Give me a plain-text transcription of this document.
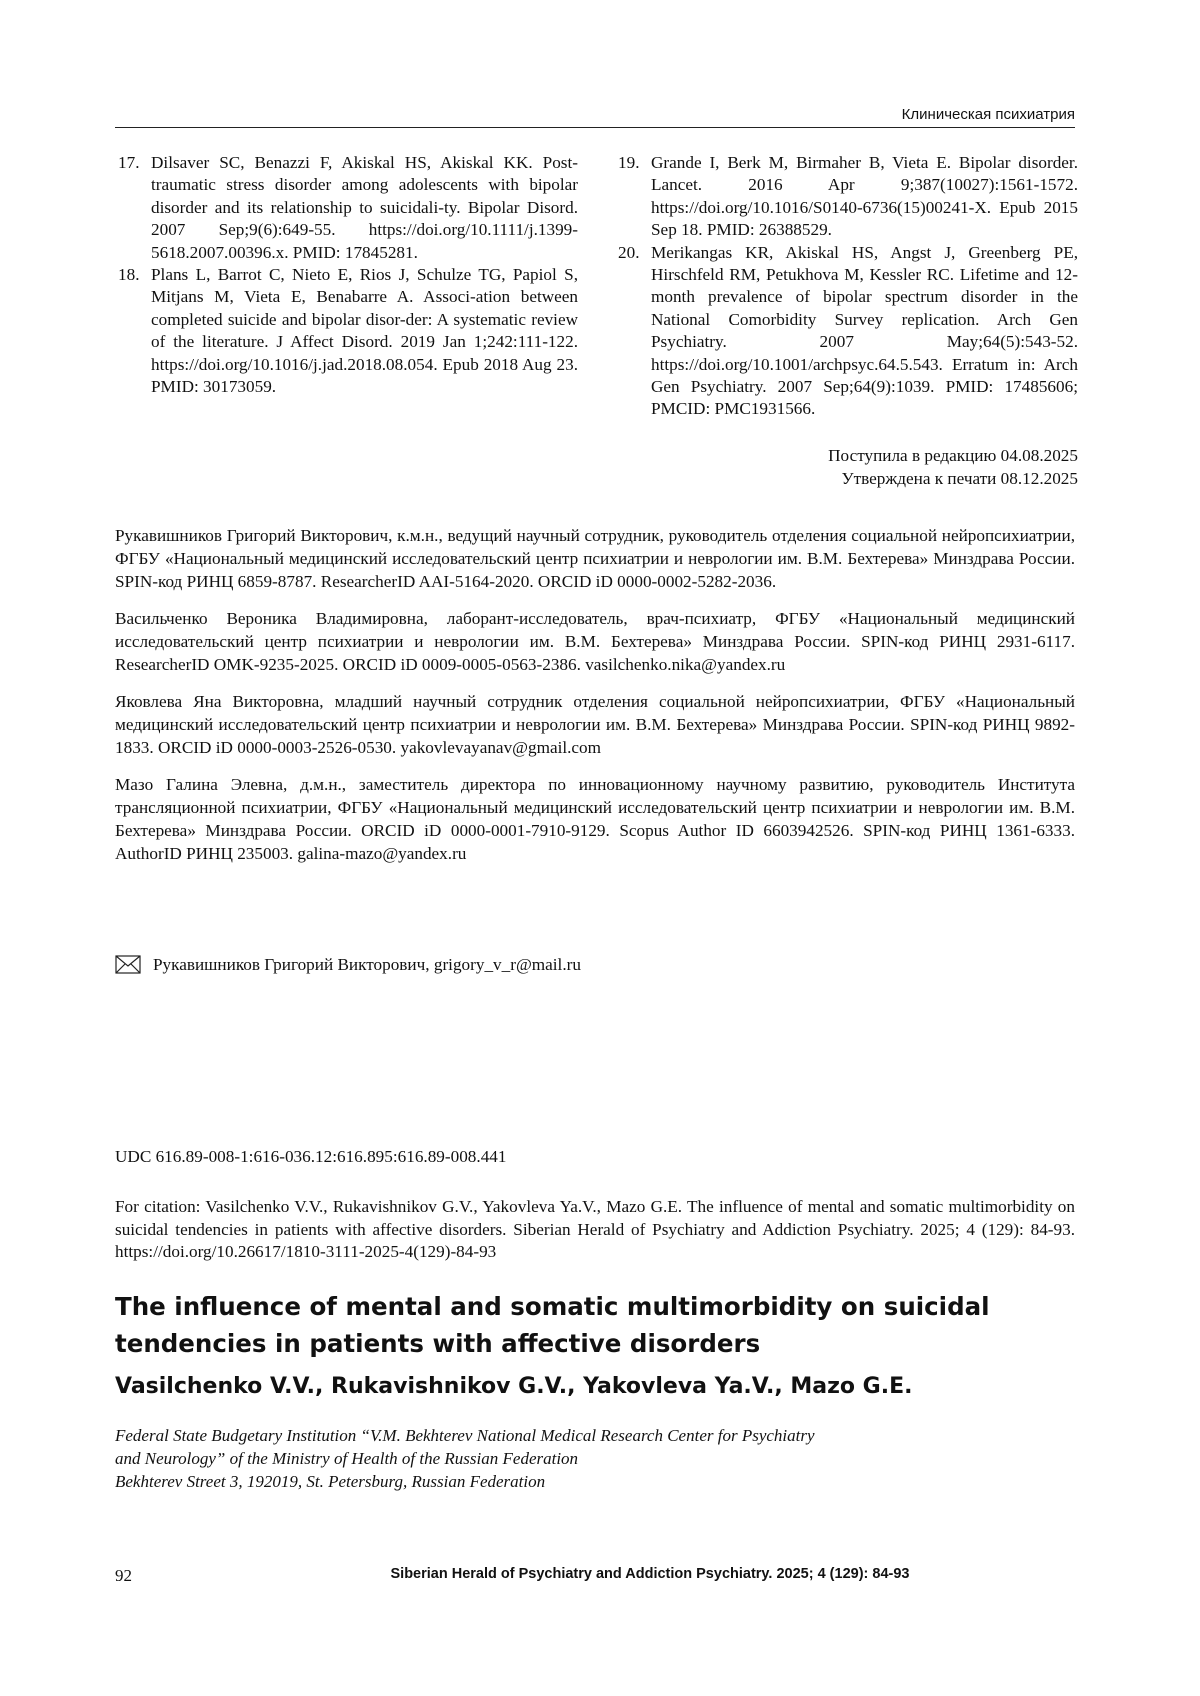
Клиническая психиатрия
17. Dilsaver SC, Benazzi F, Akiskal HS, Akiskal KK. Post-traumatic stress disorder among adolescents with bipolar disorder and its relationship to suicidali-ty. Bipolar Disord. 2007 Sep;9(6):649-55. https://doi.org/10.1111/j.1399-5618.2007.00396.x. PMID: 17845281.
18. Plans L, Barrot C, Nieto E, Rios J, Schulze TG, Papiol S, Mitjans M, Vieta E, Benabarre A. Associ-ation between completed suicide and bipolar disor-der: A systematic review of the literature. J Affect Disord. 2019 Jan 1;242:111-122. https://doi.org/10.1016/j.jad.2018.08.054. Epub 2018 Aug 23. PMID: 30173059.
19. Grande I, Berk M, Birmaher B, Vieta E. Bipolar disorder. Lancet. 2016 Apr 9;387(10027):1561-1572. https://doi.org/10.1016/S0140-6736(15)00241-X. Epub 2015 Sep 18. PMID: 26388529.
20. Merikangas KR, Akiskal HS, Angst J, Greenberg PE, Hirschfeld RM, Petukhova M, Kessler RC. Lifetime and 12-month prevalence of bipolar spectrum disorder in the National Comorbidity Survey replication. Arch Gen Psychiatry. 2007 May;64(5):543-52. https://doi.org/10.1001/archpsyc.64.5.543. Erratum in: Arch Gen Psychiatry. 2007 Sep;64(9):1039. PMID: 17485606; PMCID: PMC1931566.
Поступила в редакцию 04.08.2025
Утверждена к печати 08.12.2025

Рукавишников Григорий Викторович, к.м.н., ведущий научный сотрудник, руководитель отделения социальной нейропсихиатрии, ФГБУ «Национальный медицинский исследовательский центр психиатрии и неврологии им. В.М. Бехтерева» Минздрава России. SPIN-код РИНЦ 6859-8787. ResearcherID AAI-5164-2020. ORCID iD 0000-0002-5282-2036.

Васильченко Вероника Владимировна, лаборант-исследователь, врач-психиатр, ФГБУ «Национальный медицинский исследовательский центр психиатрии и неврологии им. В.М. Бехтерева» Минздрава России. SPIN-код РИНЦ 2931-6117. ResearcherID OMK-9235-2025. ORCID iD 0009-0005-0563-2386. vasilchenko.nika@yandex.ru

Яковлева Яна Викторовна, младший научный сотрудник отделения социальной нейропсихиатрии, ФГБУ «Национальный медицинский исследовательский центр психиатрии и неврологии им. В.М. Бехтерева» Минздрава России. SPIN-код РИНЦ 9892-1833. ORCID iD 0000-0003-2526-0530. yakovlevayanav@gmail.com

Мазо Галина Элевна, д.м.н., заместитель директора по инновационному научному развитию, руководитель Института трансляционной психиатрии, ФГБУ «Национальный медицинский исследовательский центр психиатрии и неврологии им. В.М. Бехтерева» Минздрава России. ORCID iD 0000-0001-7910-9129. Scopus Author ID 6603942526. SPIN-код РИНЦ 1361-6333. AuthorID РИНЦ 235003. galina-mazo@yandex.ru

Рукавишников Григорий Викторович, grigory_v_r@mail.ru
UDC 616.89-008-1:616-036.12:616.895:616.89-008.441
For citation: Vasilchenko V.V., Rukavishnikov G.V., Yakovleva Ya.V., Mazo G.E. The influence of mental and somatic multimorbidity on suicidal tendencies in patients with affective disorders. Siberian Herald of Psychiatry and Addiction Psychiatry. 2025; 4 (129): 84-93. https://doi.org/10.26617/1810-3111-2025-4(129)-84-93
The influence of mental and somatic multimorbidity on suicidal tendencies in patients with affective disorders
Vasilchenko V.V., Rukavishnikov G.V., Yakovleva Ya.V., Mazo G.E.
Federal State Budgetary Institution “V.M. Bekhterev National Medical Research Center for Psychiatry
and Neurology” of the Ministry of Health of the Russian Federation
Bekhterev Street 3, 192019, St. Petersburg, Russian Federation
92	Siberian Herald of Psychiatry and Addiction Psychiatry. 2025; 4 (129): 84-93
